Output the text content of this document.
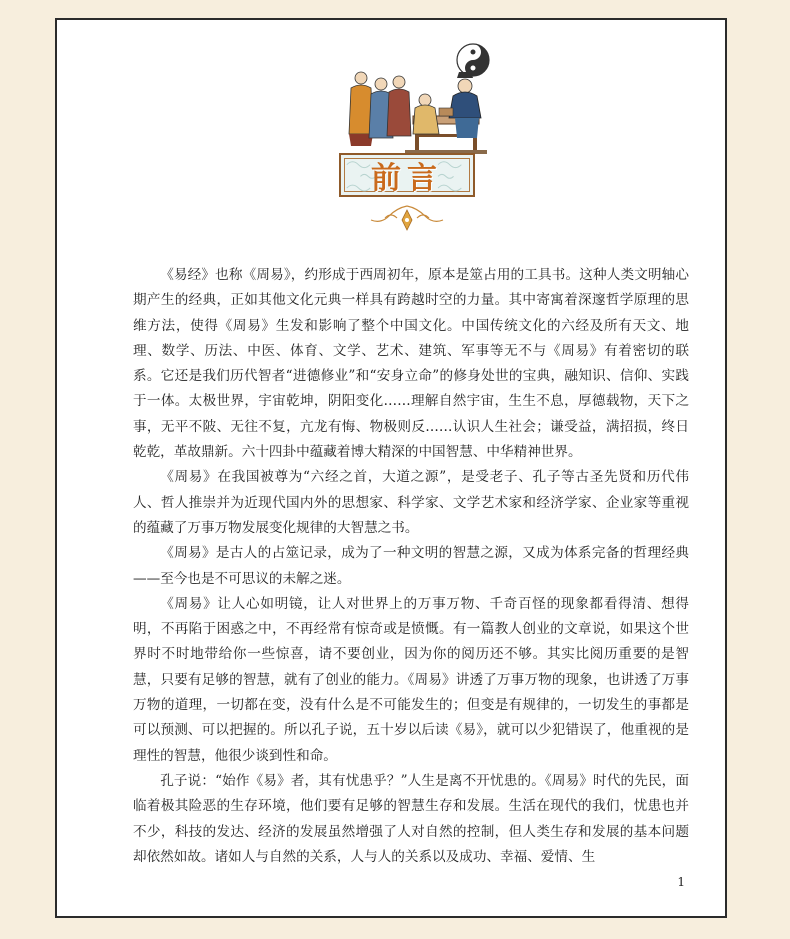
前言

《易经》也称《周易》，约形成于西周初年，原本是筮占用的工具书。这种人类文明轴心期产生的经典，正如其他文化元典一样具有跨越时空的力量。其中寄寓着深邃哲学原理的思维方法，使得《周易》生发和影响了整个中国文化。中国传统文化的六经及所有天文、地理、数学、历法、中医、体育、文学、艺术、建筑、军事等无不与《周易》有着密切的联系。它还是我们历代智者“进德修业”和“安身立命”的修身处世的宝典，融知识、信仰、实践于一体。太极世界，宇宙乾坤，阴阳变化……理解自然宇宙，生生不息，厚德载物，天下之事，无平不陂、无往不复，亢龙有悔、物极则反……认识人生社会；谦受益，满招损，终日乾乾，革故鼎新。六十四卦中蕴藏着博大精深的中国智慧、中华精神世界。

《周易》在我国被尊为“六经之首，大道之源”，是受老子、孔子等古圣先贤和历代伟人、哲人推崇并为近现代国内外的思想家、科学家、文学艺术家和经济学家、企业家等重视的蕴藏了万事万物发展变化规律的大智慧之书。

《周易》是古人的占筮记录，成为了一种文明的智慧之源，又成为体系完备的哲理经典——至今也是不可思议的未解之迷。

《周易》让人心如明镜，让人对世界上的万事万物、千奇百怪的现象都看得清、想得明，不再陷于困惑之中，不再经常有惊奇或是愤慨。有一篇教人创业的文章说，如果这个世界时不时地带给你一些惊喜，请不要创业，因为你的阅历还不够。其实比阅历重要的是智慧，只要有足够的智慧，就有了创业的能力。《周易》讲透了万事万物的现象，也讲透了万事万物的道理，一切都在变，没有什么是不可能发生的；但变是有规律的，一切发生的事都是可以预测、可以把握的。所以孔子说，五十岁以后读《易》，就可以少犯错误了，他重视的是理性的智慧，他很少谈到性和命。

孔子说：“始作《易》者，其有忧患乎？”人生是离不开忧患的。《周易》时代的先民，面临着极其险恶的生存环境，他们要有足够的智慧生存和发展。生活在现代的我们，忧患也并不少，科技的发达、经济的发展虽然增强了人对自然的控制，但人类生存和发展的基本问题却依然如故。诸如人与自然的关系，人与人的关系以及成功、幸福、爱情、生

1
